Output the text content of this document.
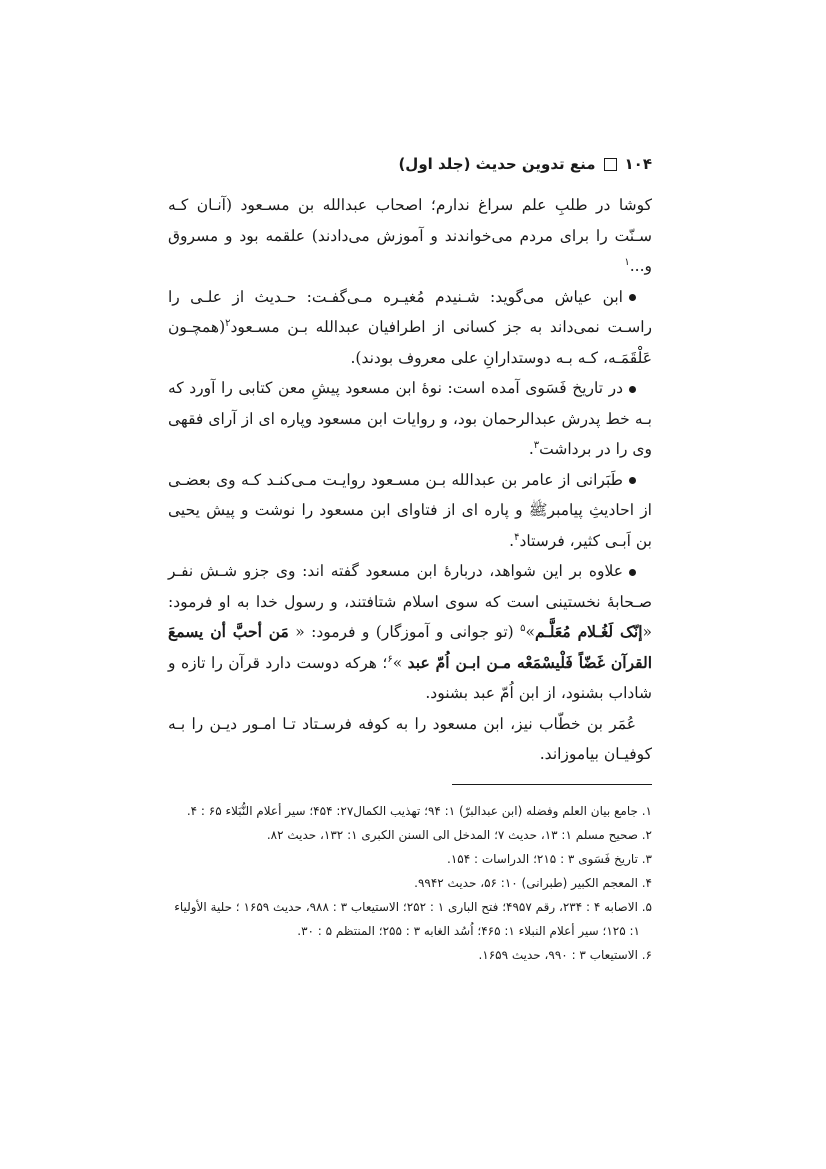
۱۰۴
منع تدوین حدیث (جلد اول)

کوشا در طلبِ علم سراغ ندارم؛ اصحاب عبدالله بن مسـعود (آنـان کـه سـنّت را برای مردم می‌خواندند و آموزش می‌دادند) علقمه بود و مسروق و...$^۱$

ابن عیاش می‌گوید: شـنیدم مُغیـره مـی‌گفـت: حـدیث از علـی را راسـت نمی‌داند به جز کسانی از اطرافیان عبدالله بـن مسـعود$^۲$(همچـون عَلْقَمَـه، کـه بـه دوستدارانِ علی معروف بودند).

در تاریخ فَسَوی آمده است: نوهٔ ابن مسعود پیشِ معن کتابی را آورد که بـه خط پدرش عبدالرحمان بود، و روایات ابن مسعود وپاره ای از آرای فقهی وی را در برداشت$^۳$.

طَبَرانی از عامر بن عبدالله بـن مسـعود روایـت مـی‌کنـد کـه وی بعضـی از احادیثِ پیامبرﷺ و پاره ای از فتاوای ابن مسعود را نوشت و پیش یحیی بن اَبـی کثیر، فرستاد$^۴$.

علاوه بر این شواهد، دربارهٔ ابن مسعود گفته اند: وی جزو شـش نفـر صـحابهٔ نخستینی است که سوی اسلام شتافتند، و رسول خدا به او فرمود: «إنّک لَغُـلام مُعَلَّـم»$^۵$ (تو جوانی و آموزگار) و فرمود: « مَن أحبَّ أن یسمعَ القرآن غَضّاً فَلْیسْمَعْه مـن ابـن اُمّ عبد »$^۶$؛ هرکه دوست دارد قرآن را تازه و شاداب بشنود، از ابن اُمّ عبد بشنود.

عُمَر بن خطّاب نیز، ابن مسعود را به کوفه فرسـتاد تـا امـور دیـن را بـه کوفیـان بیاموزاند.

۱. جامع بیان العلم وفضله (ابن عبدالبرّ) ۱: ۹۴؛ تهذیب الکمال۲۷: ۴۵۴؛ سیر أعلام النُّبَلاء ۶۵ : ۴.
۲. صحیح مسلم ۱: ۱۳، حدیث ۷؛ المدخل الی السنن الکبری ۱: ۱۳۲، حدیث ۸۲.
۳. تاریخ فَسَوی ۳ : ۲۱۵؛ الدراسات : ۱۵۴.
۴. المعجم الکبیر (طبرانی) ۱۰: ۵۶، حدیث ۹۹۴۲.
۵. الاصابه ۴ : ۲۳۴، رقم ۴۹۵۷؛ فتح الباری ۱ : ۲۵۲؛ الاستیعاب ۳ : ۹۸۸، حدیث ۱۶۵۹ ؛ حلیة الأولیاء
۱: ۱۲۵؛ سیر أعلام النبلاء ۱: ۴۶۵؛ اُسُد الغابه ۳ : ۲۵۵؛ المنتظم ۵ : ۳۰.
۶. الاستیعاب ۳ : ۹۹۰، حدیث ۱۶۵۹.
